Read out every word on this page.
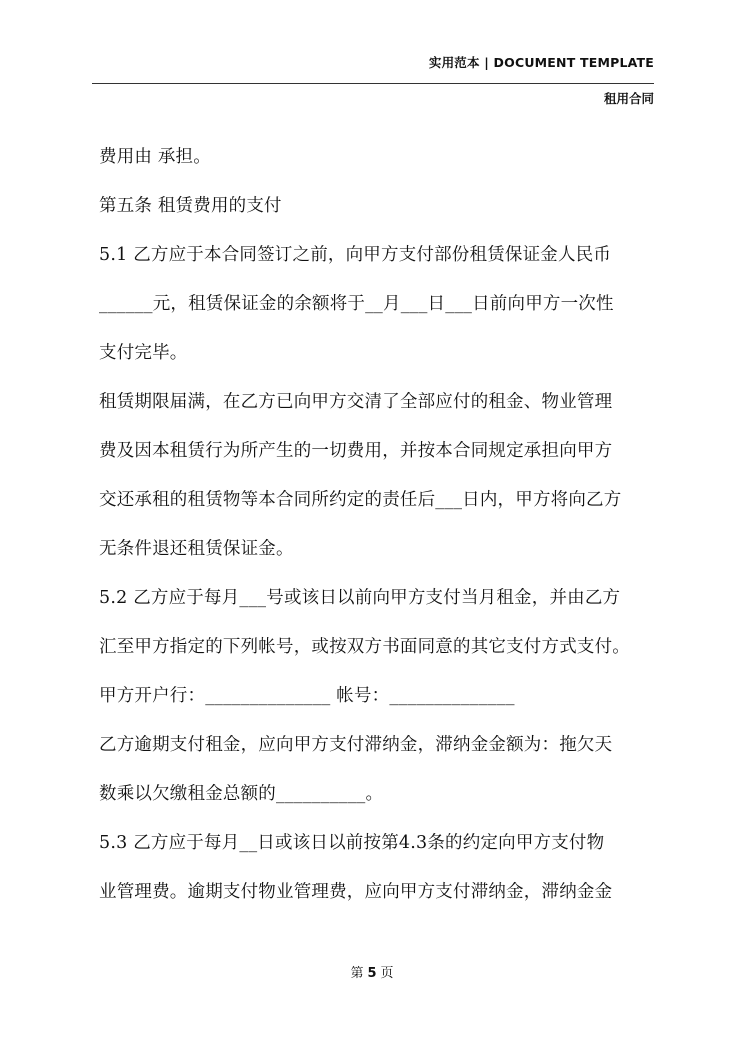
实用范本 | DOCUMENT TEMPLATE
租用合同
费用由 承担。
第五条 租赁费用的支付
5.1 乙方应于本合同签订之前，向甲方支付部份租赁保证金人民币
______元，租赁保证金的余额将于__月___日___日前向甲方一次性
支付完毕。
租赁期限届满，在乙方已向甲方交清了全部应付的租金、物业管理
费及因本租赁行为所产生的一切费用，并按本合同规定承担向甲方
交还承租的租赁物等本合同所约定的责任后___日内，甲方将向乙方
无条件退还租赁保证金。
5.2 乙方应于每月___号或该日以前向甲方支付当月租金，并由乙方
汇至甲方指定的下列帐号，或按双方书面同意的其它支付方式支付。
甲方开户行：______________ 帐号：______________
乙方逾期支付租金，应向甲方支付滞纳金，滞纳金金额为：拖欠天
数乘以欠缴租金总额的__________。
5.3 乙方应于每月__日或该日以前按第4.3条的约定向甲方支付物
业管理费。逾期支付物业管理费，应向甲方支付滞纳金，滞纳金金
第 5 页
